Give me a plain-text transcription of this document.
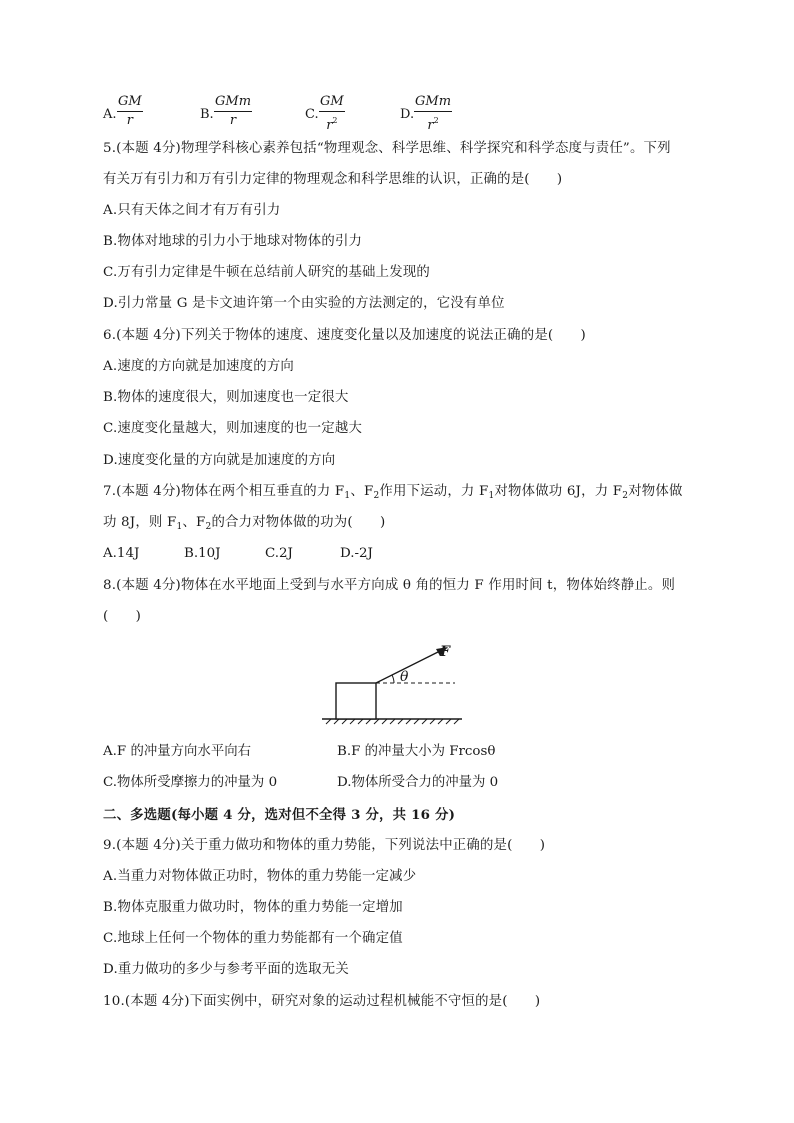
A.
GM
r	B.
GMm
r	C.
GM
$r^2$	D.
GMm
$r^2$
5.(本题 4分)物理学科核心素养包括“物理观念、科学思维、科学探究和科学态度与责任”。下列
有关万有引力和万有引力定律的物理观念和科学思维的认识，正确的是(　　)
A.只有天体之间才有万有引力
B.物体对地球的引力小于地球对物体的引力
C.万有引力定律是牛顿在总结前人研究的基础上发现的
D.引力常量 G 是卡文迪许第一个由实验的方法测定的，它没有单位
6.(本题 4分)下列关于物体的速度、速度变化量以及加速度的说法正确的是(　　)
A.速度的方向就是加速度的方向
B.物体的速度很大，则加速度也一定很大
C.速度变化量越大，则加速度的也一定越大
D.速度变化量的方向就是加速度的方向
7.(本题 4分)物体在两个相互垂直的力 $F_1$、$F_2$作用下运动，力 $F_1$对物体做功 6J，力 $F_2$对物体做
功 8J，则 $F_1$、$F_2$的合力对物体做的功为(　　)
A.14J	B.10J	C.2J	D.-2J
8.(本题 4分)物体在水平地面上受到与水平方向成 θ 角的恒力 F 作用时间 t，物体始终静止。则
(　　)
F
θ
A.F 的冲量方向水平向右	B.F 的冲量大小为 Frcosθ
C.物体所受摩擦力的冲量为 0	D.物体所受合力的冲量为 0
二、多选题(每小题 4 分，选对但不全得 3 分，共 16 分)
9.(本题 4分)关于重力做功和物体的重力势能，下列说法中正确的是(　　)
A.当重力对物体做正功时，物体的重力势能一定减少
B.物体克服重力做功时，物体的重力势能一定增加
C.地球上任何一个物体的重力势能都有一个确定值
D.重力做功的多少与参考平面的选取无关
10.(本题 4分)下面实例中，研究对象的运动过程机械能不守恒的是(　　)
